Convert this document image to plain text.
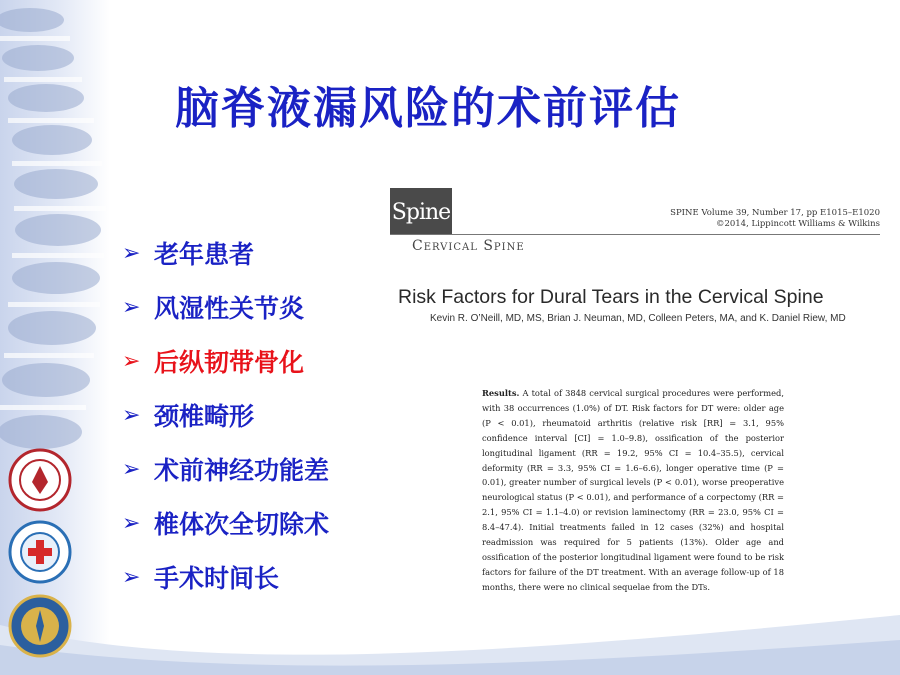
脑脊液漏风险的术前评估
➢ 老年患者
➢ 风湿性关节炎
➢ 后纵韧带骨化
➢ 颈椎畸形
➢ 术前神经功能差
➢ 椎体次全切除术
➢ 手术时间长
Spine	SPINE Volume 39, Number 17, pp E1015–E1020
©2014, Lippincott Williams & Wilkins
Cervical Spine
Risk Factors for Dural Tears in the Cervical Spine
Kevin R. O’Neill, MD, MS, Brian J. Neuman, MD, Colleen Peters, MA, and K. Daniel Riew, MD
Results. A total of 3848 cervical surgical procedures were performed, with 38 occurrences (1.0%) of DT. Risk factors for DT were: older age (P < 0.01), rheumatoid arthritis (relative risk [RR] = 3.1, 95% confidence interval [CI] = 1.0–9.8), ossification of the posterior longitudinal ligament (RR = 19.2, 95% CI = 10.4–35.5), cervical deformity (RR = 3.3, 95% CI = 1.6–6.6), longer operative time (P = 0.01), greater number of surgical levels (P < 0.01), worse preoperative neurological status (P < 0.01), and performance of a corpectomy (RR = 2.1, 95% CI = 1.1–4.0) or revision laminectomy (RR = 23.0, 95% CI = 8.4–47.4). Initial treatments failed in 12 cases (32%) and hospital readmission was required for 5 patients (13%). Older age and ossification of the posterior longitudinal ligament were found to be risk factors for failure of the DT treatment. With an average follow-up of 18 months, there were no clinical sequelae from the DTs.
